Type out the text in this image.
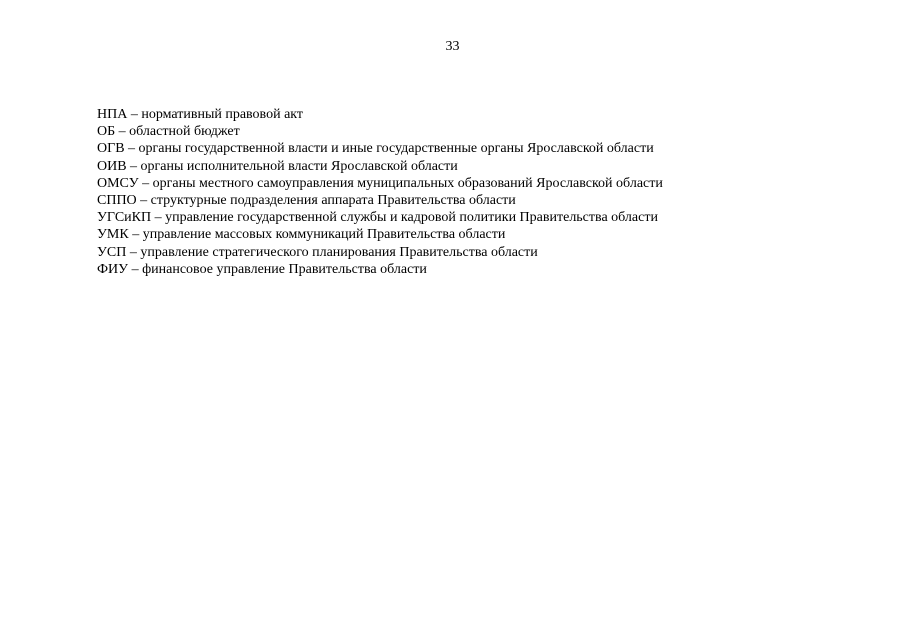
33
НПА – нормативный правовой акт
ОБ – областной бюджет
ОГВ – органы государственной власти и иные государственные органы Ярославской области
ОИВ – органы исполнительной власти Ярославской области
ОМСУ – органы местного самоуправления муниципальных образований Ярославской области
СППО – структурные подразделения аппарата Правительства области
УГСиКП – управление государственной службы и кадровой политики Правительства области
УМК – управление массовых коммуникаций Правительства области
УСП – управление стратегического планирования Правительства области
ФИУ – финансовое управление Правительства области
